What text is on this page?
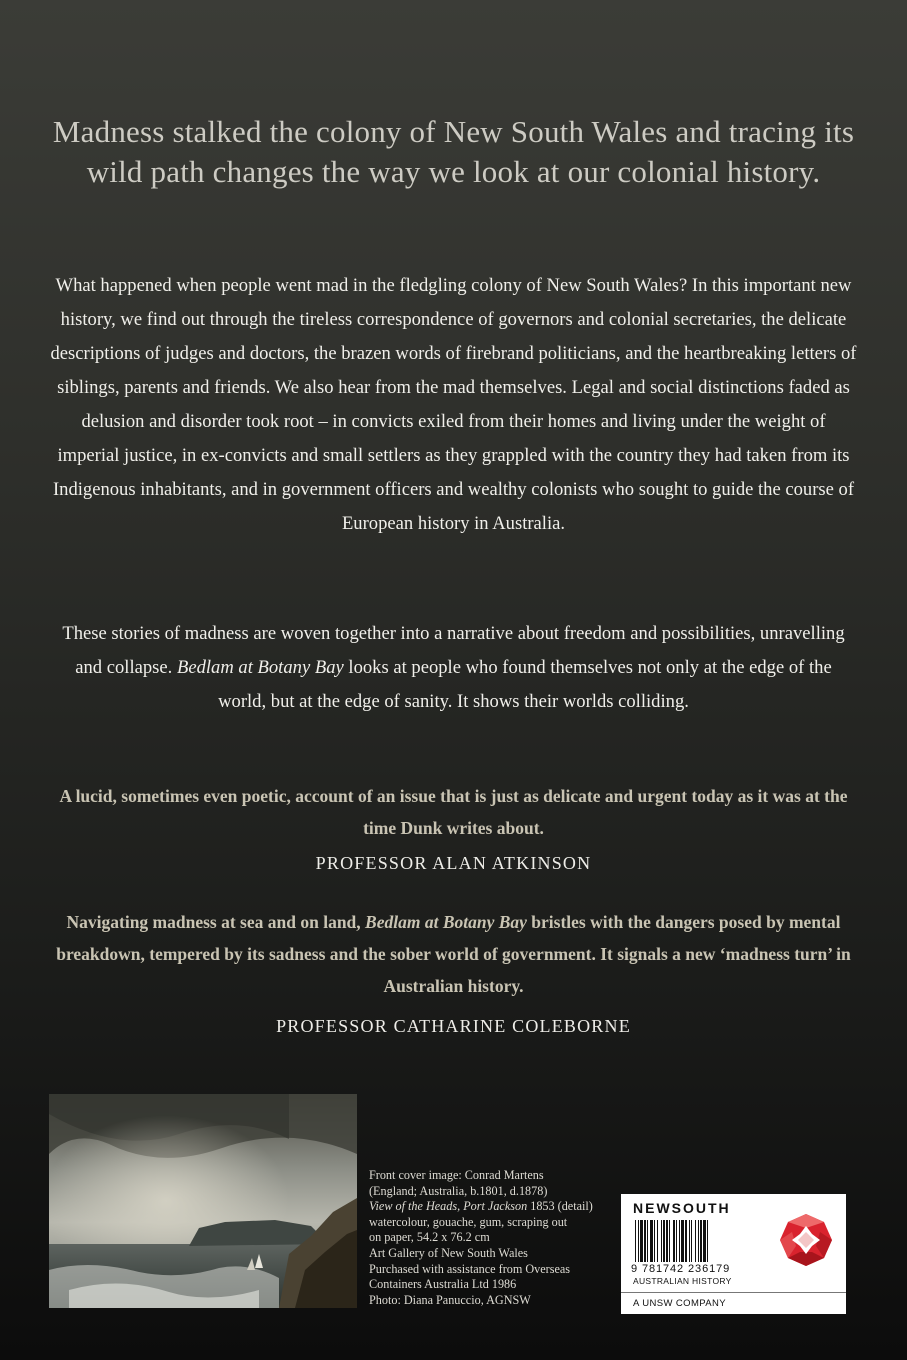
Madness stalked the colony of New South Wales and tracing its wild path changes the way we look at our colonial history.
What happened when people went mad in the fledgling colony of New South Wales? In this important new history, we find out through the tireless correspondence of governors and colonial secretaries, the delicate descriptions of judges and doctors, the brazen words of firebrand politicians, and the heartbreaking letters of siblings, parents and friends. We also hear from the mad themselves. Legal and social distinctions faded as delusion and disorder took root – in convicts exiled from their homes and living under the weight of imperial justice, in ex-convicts and small settlers as they grappled with the country they had taken from its Indigenous inhabitants, and in government officers and wealthy colonists who sought to guide the course of European history in Australia.
These stories of madness are woven together into a narrative about freedom and possibilities, unravelling and collapse. Bedlam at Botany Bay looks at people who found themselves not only at the edge of the world, but at the edge of sanity. It shows their worlds colliding.
A lucid, sometimes even poetic, account of an issue that is just as delicate and urgent today as it was at the time Dunk writes about.
PROFESSOR ALAN ATKINSON
Navigating madness at sea and on land, Bedlam at Botany Bay bristles with the dangers posed by mental breakdown, tempered by its sadness and the sober world of government. It signals a new ‘madness turn’ in Australian history.
PROFESSOR CATHARINE COLEBORNE
Front cover image: Conrad Martens
(England; Australia, b.1801, d.1878)
View of the Heads, Port Jackson 1853 (detail)
watercolour, gouache, gum, scraping out
on paper, 54.2 x 76.2 cm
Art Gallery of New South Wales
Purchased with assistance from Overseas
Containers Australia Ltd 1986
Photo: Diana Panuccio, AGNSW
NEWSOUTH
9 781742 236179
AUSTRALIAN HISTORY
A UNSW COMPANY
